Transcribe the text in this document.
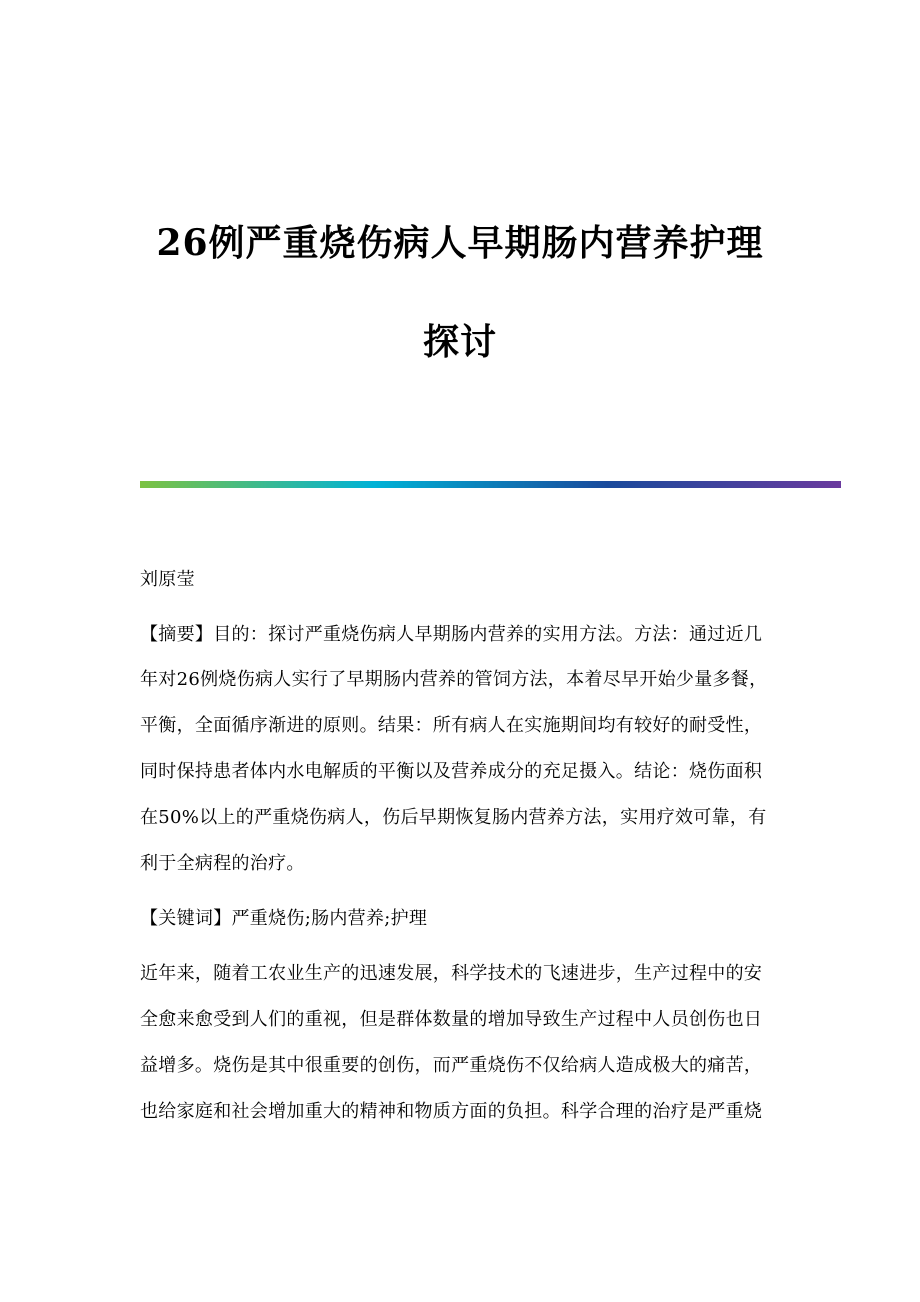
26例严重烧伤病人早期肠内营养护理
探讨
刘原莹
【摘要】目的：探讨严重烧伤病人早期肠内营养的实用方法。方法：通过近几
年对26例烧伤病人实行了早期肠内营养的管饲方法，本着尽早开始少量多餐，
平衡，全面循序渐进的原则。结果：所有病人在实施期间均有较好的耐受性，
同时保持患者体内水电解质的平衡以及营养成分的充足摄入。结论：烧伤面积
在50%以上的严重烧伤病人，伤后早期恢复肠内营养方法，实用疗效可靠，有
利于全病程的治疗。
【关键词】严重烧伤;肠内营养;护理
近年来，随着工农业生产的迅速发展，科学技术的飞速进步，生产过程中的安
全愈来愈受到人们的重视，但是群体数量的增加导致生产过程中人员创伤也日
益增多。烧伤是其中很重要的创伤，而严重烧伤不仅给病人造成极大的痛苦，
也给家庭和社会增加重大的精神和物质方面的负担。科学合理的治疗是严重烧
